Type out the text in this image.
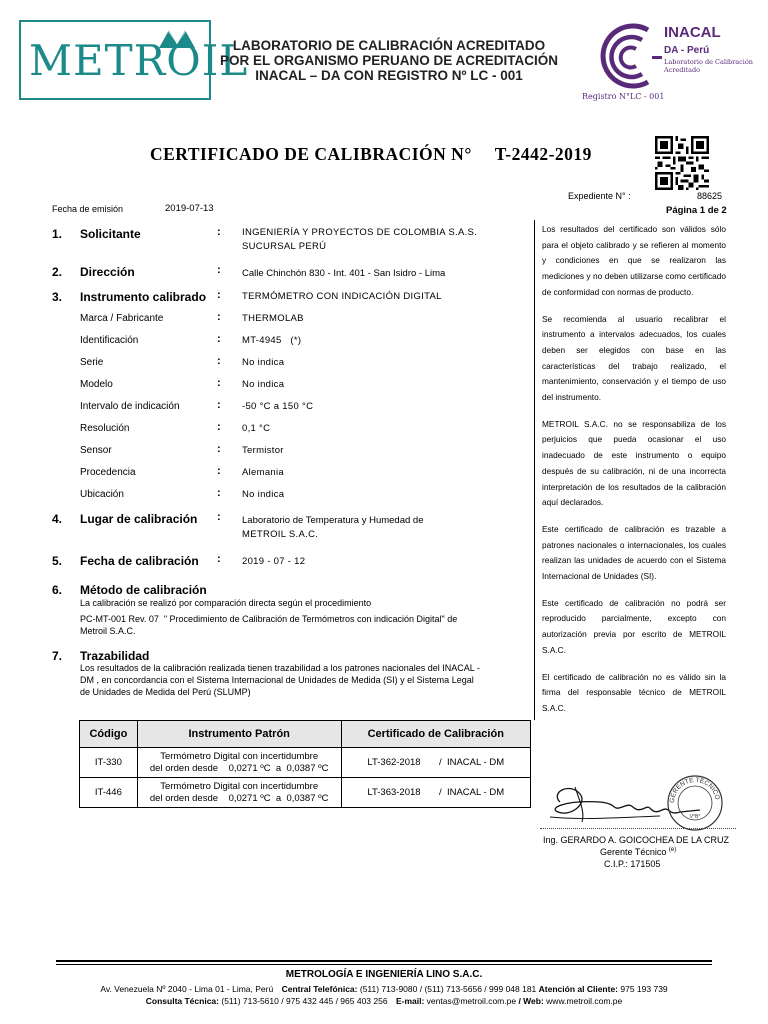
METROIL
LABORATORIO DE CALIBRACIÓN ACREDITADO POR EL ORGANISMO PERUANO DE ACREDITACIÓN INACAL – DA CON REGISTRO Nº LC - 001
INACAL
DA - Perú
Laboratorio de Calibración
Acreditado
Registro N°LC - 001
CERTIFICADO DE CALIBRACIÓN N° T-2442-2019
Expediente N° :	88625
Página 1 de 2
Fecha de emisión	2019-07-13
1. Solicitante	: INGENIERÍA Y PROYECTOS DE COLOMBIA S.A.S.
SUCURSAL PERÚ
2. Dirección	: Calle Chinchón 830 - Int. 401 - San Isidro - Lima
3. Instrumento calibrado : TERMÓMETRO CON INDICACIÓN DIGITAL
Marca / Fabricante	: THERMOLAB
Identificación	: MT-4945   (*)
Serie	: No indica
Modelo	: No indica
Intervalo de indicación	: -50 °C a 150 °C
Resolución	: 0,1 °C
Sensor	: Termistor
Procedencia	: Alemania
Ubicación	: No indica
4. Lugar de calibración : Laboratorio de Temperatura y Humedad de
METROIL S.A.C.
5. Fecha de calibración : 2019 - 07 - 12
6. Método de calibración
La calibración se realizó por comparación directa según el procedimiento
PC-MT-001 Rev. 07  " Procedimiento de Calibración de Termómetros con indicación Digital" de
Metroil S.A.C.
7. Trazabilidad
Los resultados de la calibración realizada tienen trazabilidad a los patrones nacionales del INACAL -
DM , en concordancia con el Sistema Internacional de Unidades de Medida (SI) y el Sistema Legal
de Unidades de Medida del Perú (SLUMP)
Código	Instrumento Patrón	Certificado de Calibración
IT-330	Termómetro Digital con incertidumbre
del orden desde    0,0271 ºC  a  0,0387 ºC	LT-362-2018       /  INACAL - DM
IT-446	Termómetro Digital con incertidumbre
del orden desde    0,0271 ºC  a  0,0387 ºC	LT-363-2018       /  INACAL - DM

Los resultados del certificado son válidos sólo para el objeto calibrado y se refieren al momento y condiciones en que se realizaron las mediciones y no deben utilizarse como certificado de conformidad con normas de producto.

Se recomienda al usuario recalibrar el instrumento a intervalos adecuados, los cuales deben ser elegidos con base en las características del trabajo realizado, el mantenimiento, conservación y el tiempo de uso del instrumento.

METROIL S.A.C. no se responsabiliza de los perjuicios que pueda ocasionar el uso inadecuado de este instrumento o equipo después de su calibración, ni de una incorrecta interpretación de los resultados de la calibración aquí declarados.

Este certificado de calibración es trazable a patrones nacionales o internacionales, los cuales realizan las unidades de acuerdo con el Sistema Internacional de Unidades (SI).

Este certificado de calibración no podrá ser reproducido parcialmente, excepto con autorización previa por escrito de METROIL S.A.C.

El certificado de calibración no es válido sin la firma del responsable técnico de METROIL S.A.C.

GERENTE TÉCNICO
V°B°
Ing. GERARDO A. GOICOCHEA DE LA CRUZ
Gerente Técnico $^{(e)}$
C.I.P.: 171505
METROLOGÍA E INGENIERÍA LINO S.A.C.
Av. Venezuela Nº 2040 - Lima 01 - Lima, Perú Central Telefónica: (511) 713-9080 / (511) 713-5656 / 999 048 181 Atención al Cliente: 975 193 739
Consulta Técnica: (511) 713-5610 / 975 432 445 / 965 403 256 E-mail: ventas@metroil.com.pe / Web: www.metroil.com.pe
